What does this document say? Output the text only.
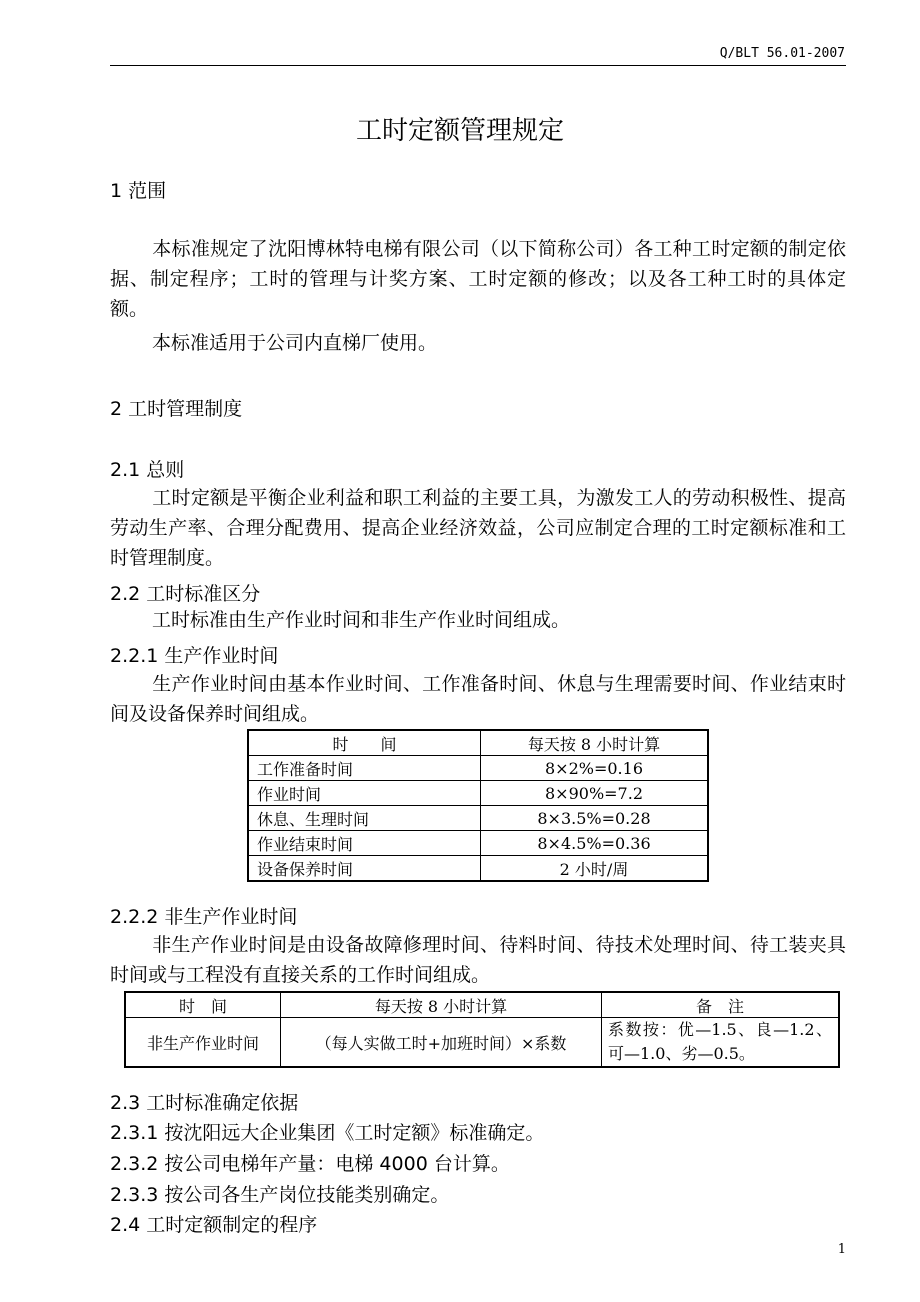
Q/BLT 56.01-2007
工时定额管理规定
1 范围
本标准规定了沈阳博林特电梯有限公司（以下简称公司）各工种工时定额的制定依据、制定程序；工时的管理与计奖方案、工时定额的修改；以及各工种工时的具体定额。
本标准适用于公司内直梯厂使用。
2 工时管理制度
2.1 总则
工时定额是平衡企业利益和职工利益的主要工具，为激发工人的劳动积极性、提高劳动生产率、合理分配费用、提高企业经济效益，公司应制定合理的工时定额标准和工时管理制度。
2.2 工时标准区分
工时标准由生产作业时间和非生产作业时间组成。
2.2.1 生产作业时间
生产作业时间由基本作业时间、工作准备时间、休息与生理需要时间、作业结束时间及设备保养时间组成。
时　　间	每天按 8 小时计算
工作准备时间	8×2%=0.16
作业时间	8×90%=7.2
休息、生理时间	8×3.5%=0.28
作业结束时间	8×4.5%=0.36
设备保养时间	2 小时/周
2.2.2 非生产作业时间
非生产作业时间是由设备故障修理时间、待料时间、待技术处理时间、待工装夹具时间或与工程没有直接关系的工作时间组成。
时　间	每天按 8 小时计算	备　注
非生产作业时间	（每人实做工时+加班时间）×系数	系数按：优—1.5、良—1.2、可—1.0、劣—0.5。
2.3 工时标准确定依据
2.3.1 按沈阳远大企业集团《工时定额》标准确定。
2.3.2 按公司电梯年产量：电梯 4000 台计算。
2.3.3 按公司各生产岗位技能类别确定。
2.4 工时定额制定的程序
1
